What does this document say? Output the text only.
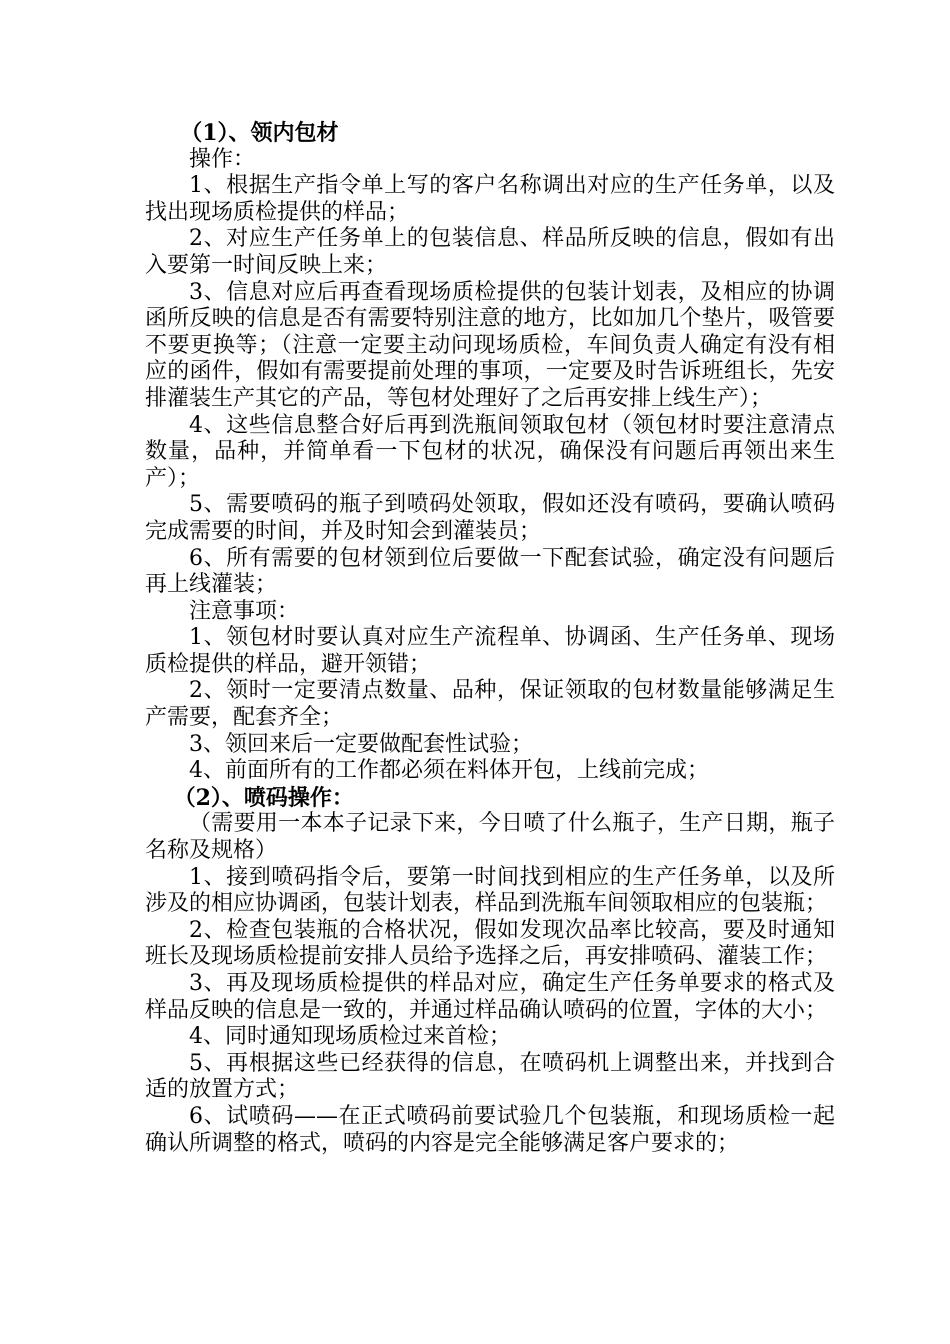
（1）、领内包材

操作：

1、根据生产指令单上写的客户名称调出对应的生产任务单，以及找出现场质检提供的样品；

2、对应生产任务单上的包装信息、样品所反映的信息，假如有出入要第一时间反映上来；

3、信息对应后再查看现场质检提供的包装计划表，及相应的协调函所反映的信息是否有需要特别注意的地方，比如加几个垫片，吸管要不要更换等；（注意一定要主动问现场质检，车间负责人确定有没有相应的函件，假如有需要提前处理的事项，一定要及时告诉班组长，先安排灌装生产其它的产品，等包材处理好了之后再安排上线生产）；

4、这些信息整合好后再到洗瓶间领取包材（领包材时要注意清点数量，品种，并简单看一下包材的状况，确保没有问题后再领出来生产）；

5、需要喷码的瓶子到喷码处领取，假如还没有喷码，要确认喷码完成需要的时间，并及时知会到灌装员；

6、所有需要的包材领到位后要做一下配套试验，确定没有问题后再上线灌装；

注意事项：

1、领包材时要认真对应生产流程单、协调函、生产任务单、现场质检提供的样品，避开领错；

2、领时一定要清点数量、品种，保证领取的包材数量能够满足生产需要，配套齐全；

3、领回来后一定要做配套性试验；

4、前面所有的工作都必须在料体开包，上线前完成；

（2）、喷码操作：

（需要用一本本子记录下来，今日喷了什么瓶子，生产日期，瓶子名称及规格）

1、接到喷码指令后，要第一时间找到相应的生产任务单，以及所涉及的相应协调函，包装计划表，样品到洗瓶车间领取相应的包装瓶；

2、检查包装瓶的合格状况，假如发现次品率比较高，要及时通知班长及现场质检提前安排人员给予选择之后，再安排喷码、灌装工作；

3、再及现场质检提供的样品对应，确定生产任务单要求的格式及样品反映的信息是一致的，并通过样品确认喷码的位置，字体的大小；

4、同时通知现场质检过来首检；

5、再根据这些已经获得的信息，在喷码机上调整出来，并找到合适的放置方式；

6、试喷码——在正式喷码前要试验几个包装瓶，和现场质检一起确认所调整的格式，喷码的内容是完全能够满足客户要求的；
